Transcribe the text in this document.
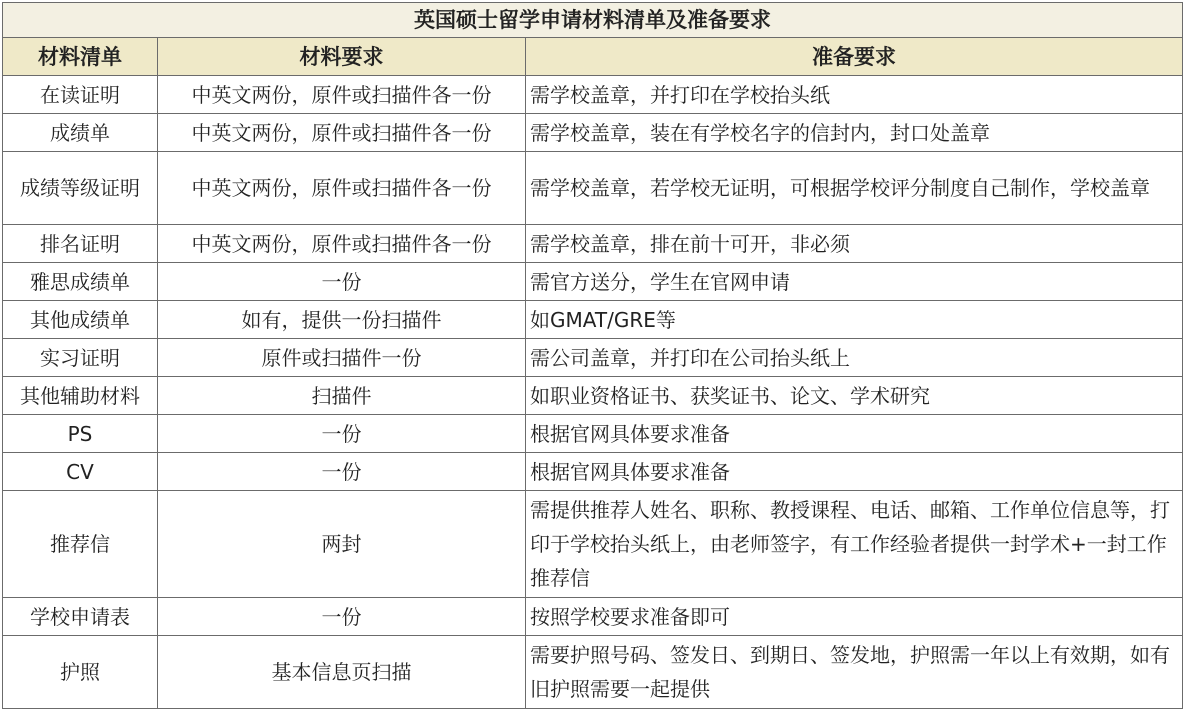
英国硕士留学申请材料清单及准备要求		
材料清单	材料要求	准备要求
在读证明	中英文两份，原件或扫描件各一份	需学校盖章，并打印在学校抬头纸
成绩单	中英文两份，原件或扫描件各一份	需学校盖章，装在有学校名字的信封内，封口处盖章
成绩等级证明	中英文两份，原件或扫描件各一份	需学校盖章，若学校无证明，可根据学校评分制度自己制作，学校盖章
排名证明	中英文两份，原件或扫描件各一份	需学校盖章，排在前十可开，非必须
雅思成绩单	一份	需官方送分，学生在官网申请
其他成绩单	如有，提供一份扫描件	如GMAT/GRE等
实习证明	原件或扫描件一份	需公司盖章，并打印在公司抬头纸上
其他辅助材料	扫描件	如职业资格证书、获奖证书、论文、学术研究
PS	一份	根据官网具体要求准备
CV	一份	根据官网具体要求准备
推荐信	两封	需提供推荐人姓名、职称、教授课程、电话、邮箱、工作单位信息等，打印于学校抬头纸上，由老师签字，有工作经验者提供一封学术+一封工作推荐信
学校申请表	一份	按照学校要求准备即可
护照	基本信息页扫描	需要护照号码、签发日、到期日、签发地，护照需一年以上有效期，如有旧护照需要一起提供
